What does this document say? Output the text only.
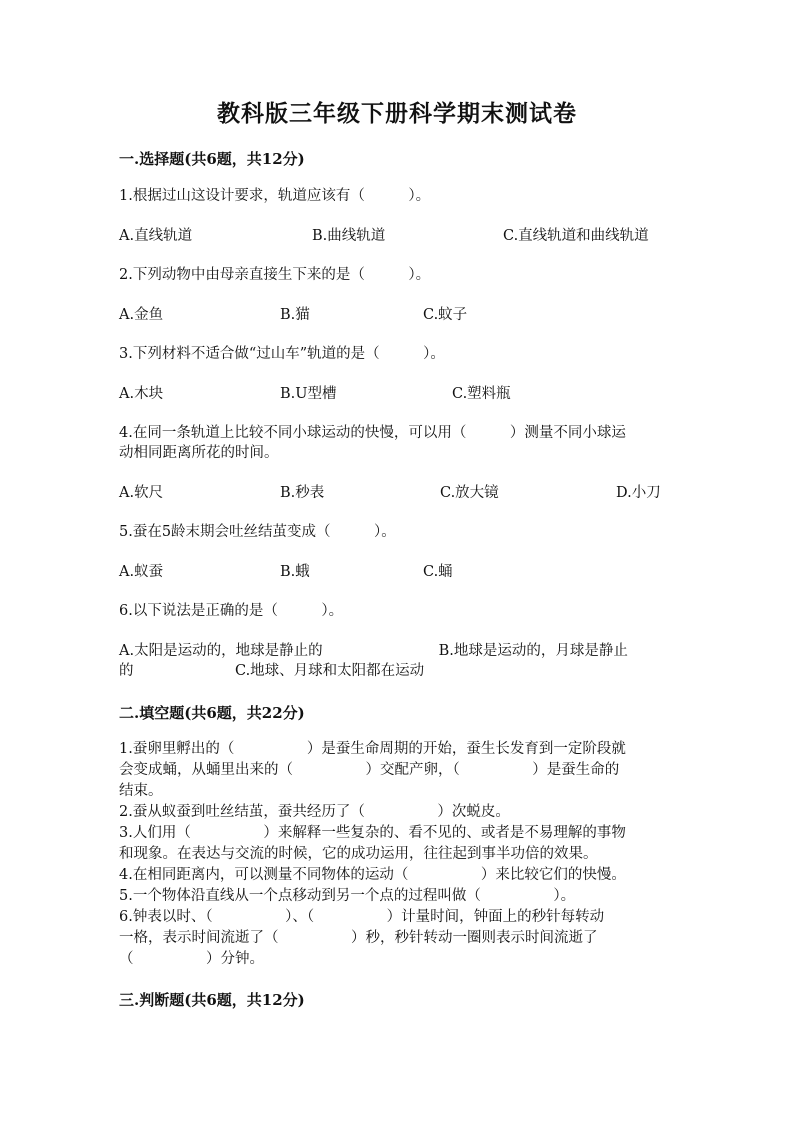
教科版三年级下册科学期末测试卷
一.选择题(共6题，共12分)
1.根据过山这设计要求，轨道应该有（　　　）。
A.直线轨道	B.曲线轨道	C.直线轨道和曲线轨道
2.下列动物中由母亲直接生下来的是（　　　）。
A.金鱼	B.猫	C.蚊子
3.下列材料不适合做“过山车”轨道的是（　　　）。
A.木块	B.U型槽	C.塑料瓶
4.在同一条轨道上比较不同小球运动的快慢，可以用（　　　）测量不同小球运
动相同距离所花的时间。
A.软尺	B.秒表	C.放大镜	D.小刀
5.蚕在5龄末期会吐丝结茧变成（　　　）。
A.蚁蚕	B.蛾	C.蛹
6.以下说法是正确的是（　　　）。
A.太阳是运动的，地球是静止的　　　　　　　　B.地球是运动的，月球是静止
的　　　　　　　C.地球、月球和太阳都在运动
二.填空题(共6题，共22分)
1.蚕卵里孵出的（　　　　　）是蚕生命周期的开始，蚕生长发育到一定阶段就
会变成蛹，从蛹里出来的（　　　　　）交配产卵，（　　　　　）是蚕生命的
结束。
2.蚕从蚁蚕到吐丝结茧，蚕共经历了（　　　　　）次蜕皮。
3.人们用（　　　　　）来解释一些复杂的、看不见的、或者是不易理解的事物
和现象。在表达与交流的时候，它的成功运用，往往起到事半功倍的效果。
4.在相同距离内，可以测量不同物体的运动（　　　　　）来比较它们的快慢。
5.一个物体沿直线从一个点移动到另一个点的过程叫做（　　　　　）。
6.钟表以时、（　　　　　）、（　　　　　）计量时间，钟面上的秒针每转动
一格，表示时间流逝了（　　　　　）秒，秒针转动一圈则表示时间流逝了
（　　　　　）分钟。
三.判断题(共6题，共12分)
